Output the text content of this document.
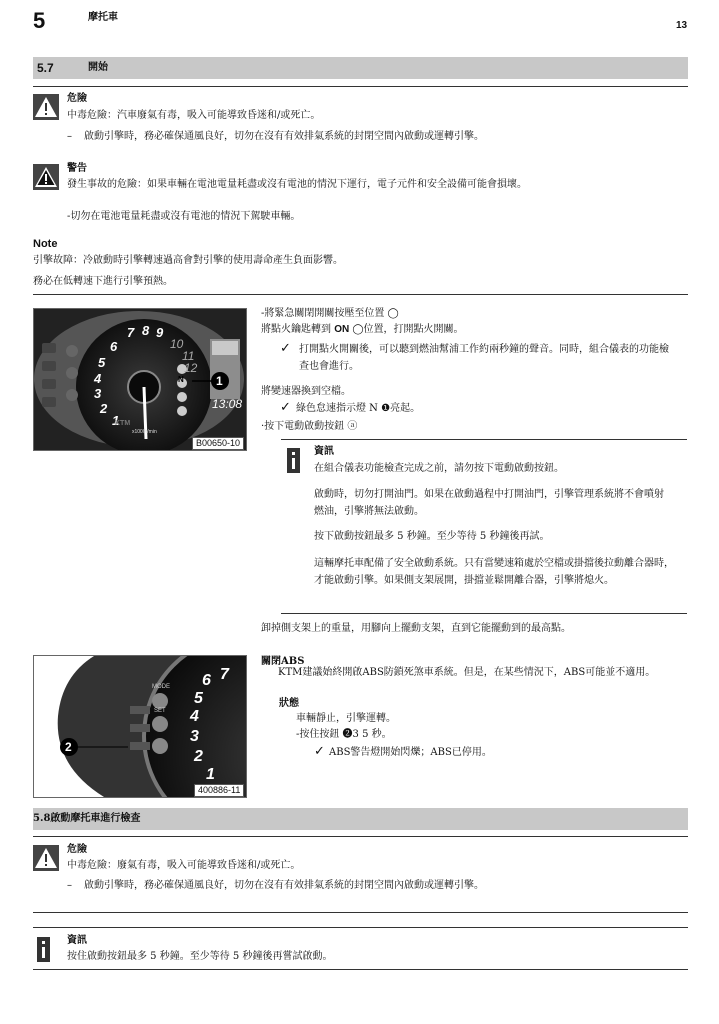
5	摩托車
13
5.7	開始
危險
中毒危險：汽車廢氣有毒，吸入可能導致昏迷和/或死亡。
– 啟動引擎時，務必確保通風良好，切勿在沒有有效排氣系統的封閉空間內啟動或運轉引擎。
警告
發生事故的危險：如果車輛在電池電量耗盡或沒有電池的情況下運行，電子元件和安全設備可能會損壞。
-切勿在電池電量耗盡或沒有電池的情況下駕駛車輛。
Note
引擎故障：冷啟動時引擎轉速過高會對引擎的使用壽命產生負面影響。
務必在低轉速下進行引擎預熱。
7 8 9
10
11
12
6
5
4
3
2
1
N	1
13:08
x1000r/min
KTM
B00650-10
-將緊急關閉開關按壓至位置 ◯
將點火鑰匙轉到 ON ◯位置，打開點火開關。
✓ 打開點火開關後，可以聽到燃油幫浦工作約兩秒鐘的聲音。同時，組合儀表的功能檢
查也會進行。
將變速器換到空檔。
✓ 綠色怠速指示燈 N ❶亮起。
·按下電動啟動按鈕 ⓐ
資訊
在組合儀表功能檢查完成之前，請勿按下電動啟動按鈕。
啟動時，切勿打開油門。如果在啟動過程中打開油門，引擎管理系統將不會噴射
燃油，引擎將無法啟動。
按下啟動按鈕最多 5 秒鐘。至少等待 5 秒鐘後再試。
這輛摩托車配備了安全啟動系統。只有當變速箱處於空檔或掛擋後拉動離合器時，
才能啟動引擎。如果側支架展開，掛擋並鬆開離合器，引擎將熄火。
卸掉側支架上的重量，用腳向上擺動支架，直到它能擺動到的最高點。
MODE
SET
7
6
5
4
3
2
1
2
400886-11
關閉ABS
KTM建議始終開啟ABS防鎖死煞車系統。但是，在某些情況下，ABS可能並不適用。
狀態
車輛靜止，引擎運轉。
-按住按鈕 ❷3 5 秒。
✓ ABS警告燈開始閃爍；ABS已停用。
5.8啟動摩托車進行檢查
危險
中毒危險：廢氣有毒，吸入可能導致昏迷和/或死亡。
– 啟動引擎時，務必確保通風良好，切勿在沒有有效排氣系統的封閉空間內啟動或運轉引擎。
資訊
按住啟動按鈕最多 5 秒鐘。至少等待 5 秒鐘後再嘗試啟動。
